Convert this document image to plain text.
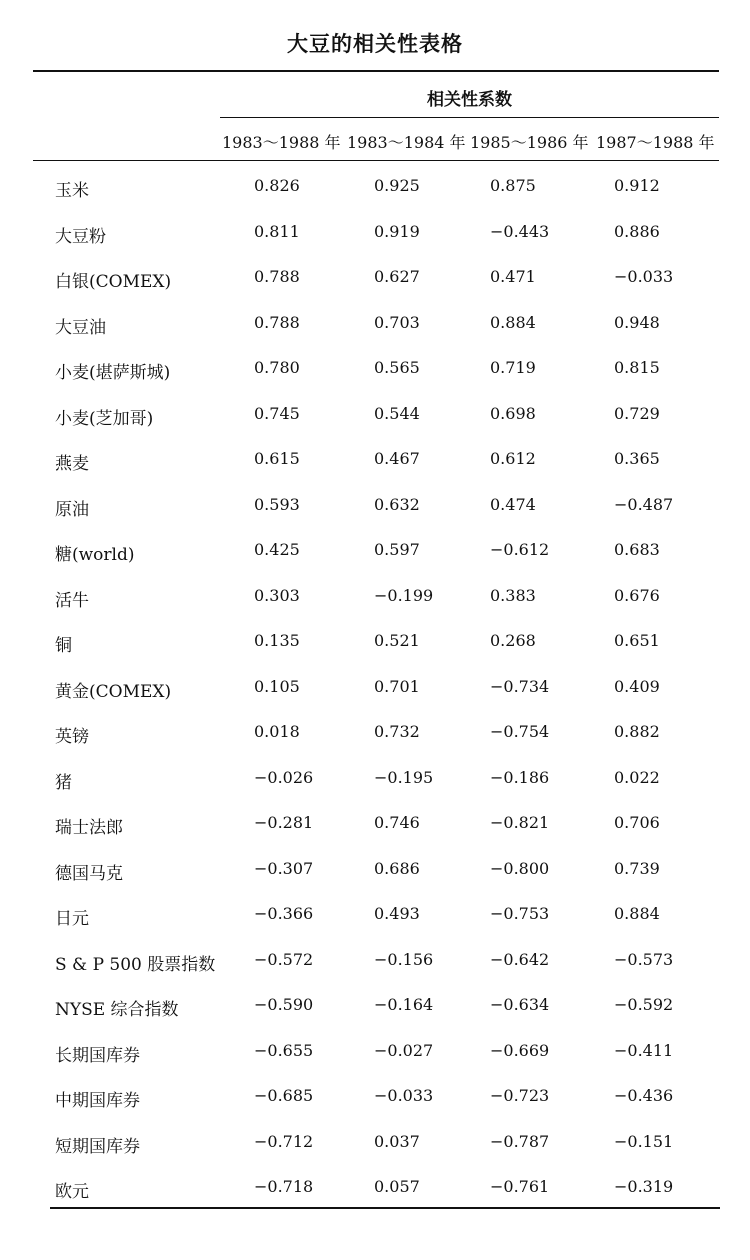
大豆的相关性表格
相关性系数
1983～1988 年 1983～1984 年 1985～1986 年 1987～1988 年
玉米	0.826	0.925	0.875	0.912
大豆粉	0.811	0.919	−0.443	0.886
白银(COMEX)	0.788	0.627	0.471	−0.033
大豆油	0.788	0.703	0.884	0.948
小麦(堪萨斯城)	0.780	0.565	0.719	0.815
小麦(芝加哥)	0.745	0.544	0.698	0.729
燕麦	0.615	0.467	0.612	0.365
原油	0.593	0.632	0.474	−0.487
糖(world)	0.425	0.597	−0.612	0.683
活牛	0.303	−0.199	0.383	0.676
铜	0.135	0.521	0.268	0.651
黄金(COMEX)	0.105	0.701	−0.734	0.409
英镑	0.018	0.732	−0.754	0.882
猪	−0.026	−0.195	−0.186	0.022
瑞士法郎	−0.281	0.746	−0.821	0.706
德国马克	−0.307	0.686	−0.800	0.739
日元	−0.366	0.493	−0.753	0.884
S & P 500 股票指数 −0.572	−0.156	−0.642	−0.573
NYSE 综合指数	−0.590	−0.164	−0.634	−0.592
长期国库券	−0.655	−0.027	−0.669	−0.411
中期国库券	−0.685	−0.033	−0.723	−0.436
短期国库券	−0.712	0.037	−0.787	−0.151
欧元	−0.718	0.057	−0.761	−0.319
